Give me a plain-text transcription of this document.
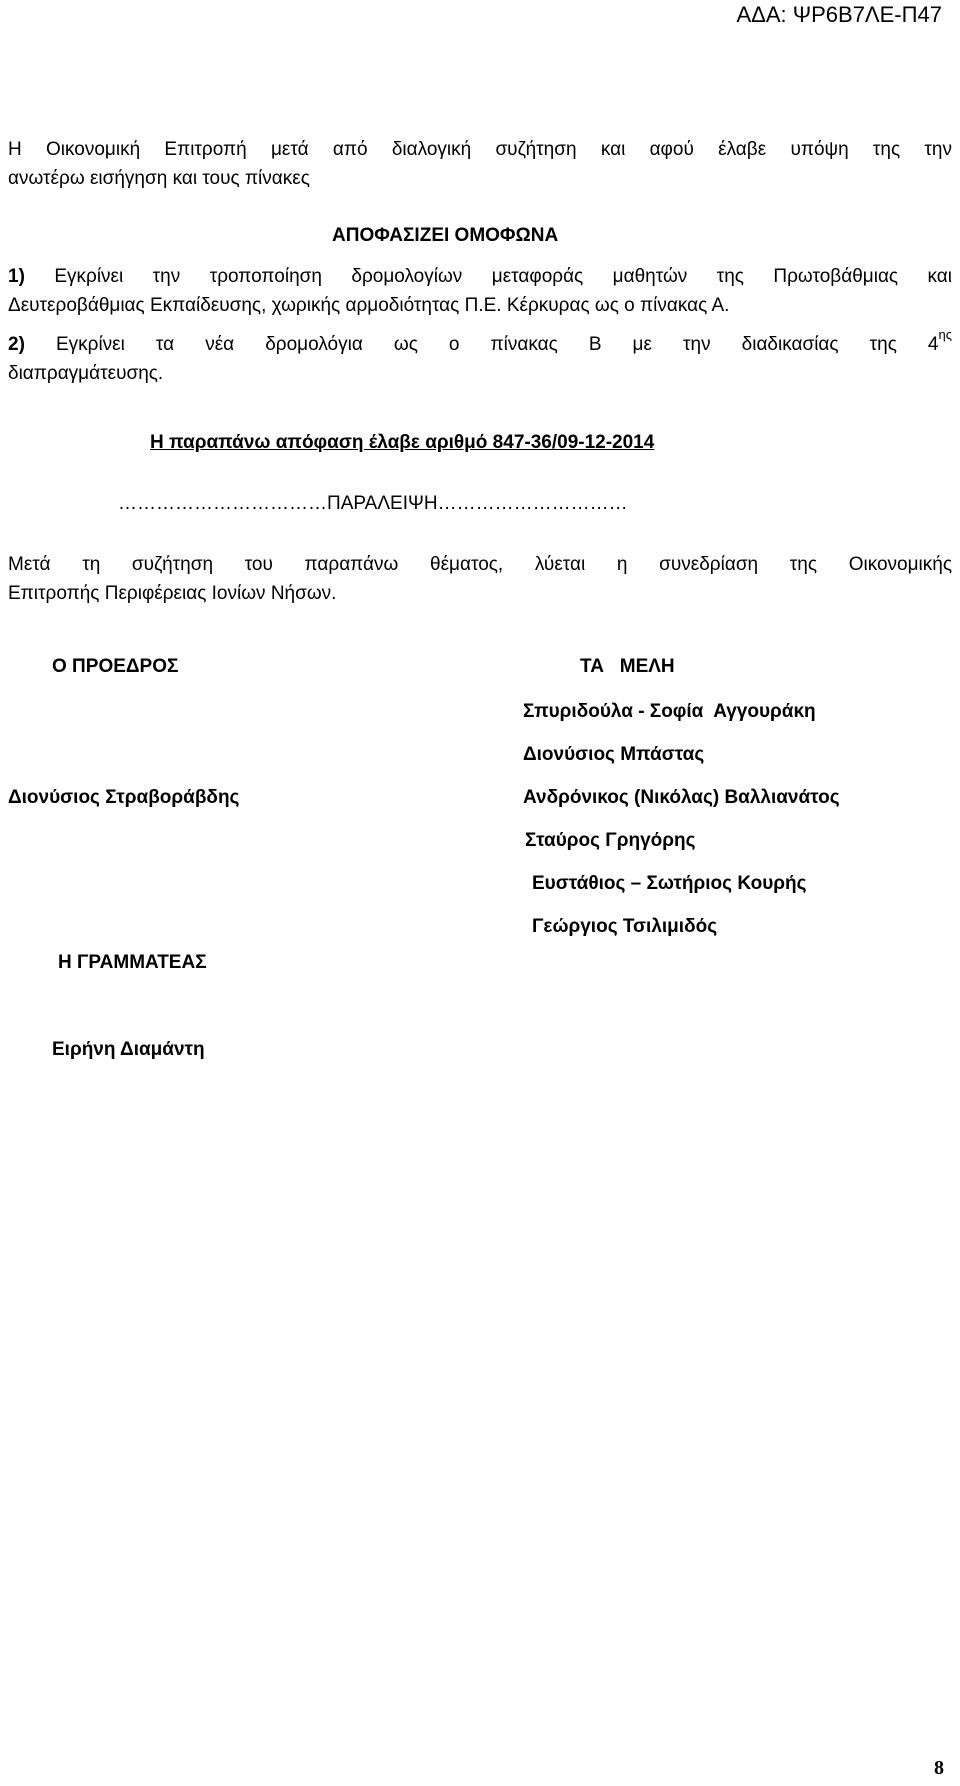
ΑΔΑ: ΨΡ6Β7ΛΕ-Π47
Η Οικονομική Επιτροπή μετά από διαλογική συζήτηση και αφού έλαβε υπόψη της την
ανωτέρω εισήγηση και τους πίνακες
ΑΠΟΦΑΣΙΖΕΙ ΟΜΟΦΩΝΑ
1) Εγκρίνει την τροποποίηση δρομολογίων μεταφοράς μαθητών της Πρωτοβάθμιας και
Δευτεροβάθμιας Εκπαίδευσης, χωρικής αρμοδιότητας Π.Ε. Κέρκυρας ως ο πίνακας Α.
2) Εγκρίνει τα νέα δρομολόγια ως ο πίνακας Β με την διαδικασίας της $4^{\eta\varsigma}$
διαπραγμάτευσης.
Η παραπάνω απόφαση έλαβε αριθμό 847-36/09-12-2014
……………………………ΠΑΡΑΛΕΙΨΗ…………………………
Μετά τη συζήτηση του παραπάνω θέματος, λύεται η συνεδρίαση της Οικονομικής
Επιτροπής Περιφέρειας Ιονίων Νήσων.
Ο ΠΡΟΕΔΡΟΣ
Διονύσιος Στραβοράβδης
Η ΓΡΑΜΜΑΤΕΑΣ
Ειρήνη Διαμάντη
ΤΑ   ΜΕΛΗ
Σπυριδούλα - Σοφία  Αγγουράκη
Διονύσιος Μπάστας
Ανδρόνικος (Νικόλας) Βαλλιανάτος
Σταύρος Γρηγόρης
Ευστάθιος – Σωτήριος Κουρής
Γεώργιος Τσιλιμιδός
8
